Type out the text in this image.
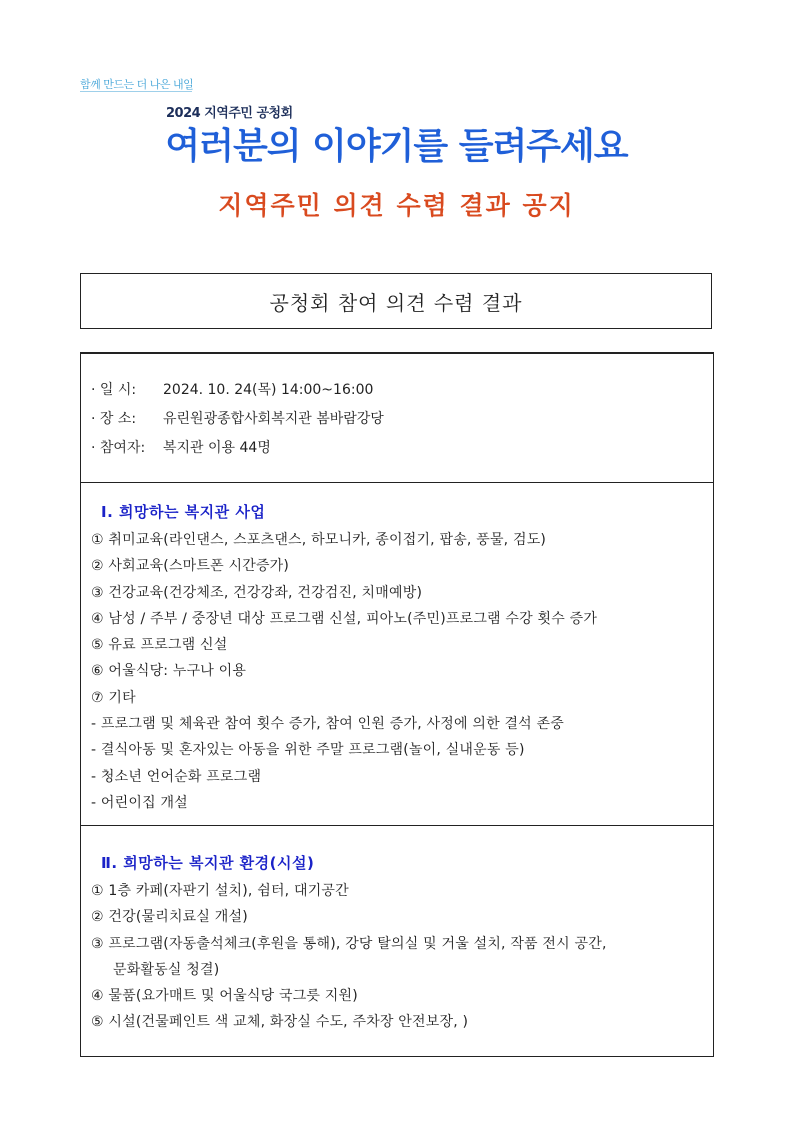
함께 만드는 더 나은 내일
2024 지역주민 공청회
여러분의 이야기를 들려주세요
지역주민 의견 수렴 결과 공지
공청회 참여 의견 수렴 결과
· 일 시: 2024. 10. 24(목) 14:00~16:00
· 장 소: 유린원광종합사회복지관 봄바람강당
· 참여자: 복지관 이용 44명
Ⅰ. 희망하는 복지관 사업
① 취미교육(라인댄스, 스포츠댄스, 하모니카, 종이접기, 팝송, 풍물, 검도)
② 사회교육(스마트폰 시간증가)
③ 건강교육(건강체조, 건강강좌, 건강검진, 치매예방)
④ 남성 / 주부 / 중장년 대상 프로그램 신설, 피아노(주민)프로그램 수강 횟수 증가
⑤ 유료 프로그램 신설
⑥ 어울식당: 누구나 이용
⑦ 기타
- 프로그램 및 체육관 참여 횟수 증가, 참여 인원 증가, 사정에 의한 결석 존중
- 결식아동 및 혼자있는 아동을 위한 주말 프로그램(놀이, 실내운동 등)
- 청소년 언어순화 프로그램
- 어린이집 개설
Ⅱ. 희망하는 복지관 환경(시설)
① 1층 카페(자판기 설치), 쉼터, 대기공간
② 건강(물리치료실 개설)
③ 프로그램(자동출석체크(후원을 통해), 강당 탈의실 및 거울 설치, 작품 전시 공간,
문화활동실 청결)
④ 물품(요가매트 및 어울식당 국그릇 지원)
⑤ 시설(건물페인트 색 교체, 화장실 수도, 주차장 안전보장, )
